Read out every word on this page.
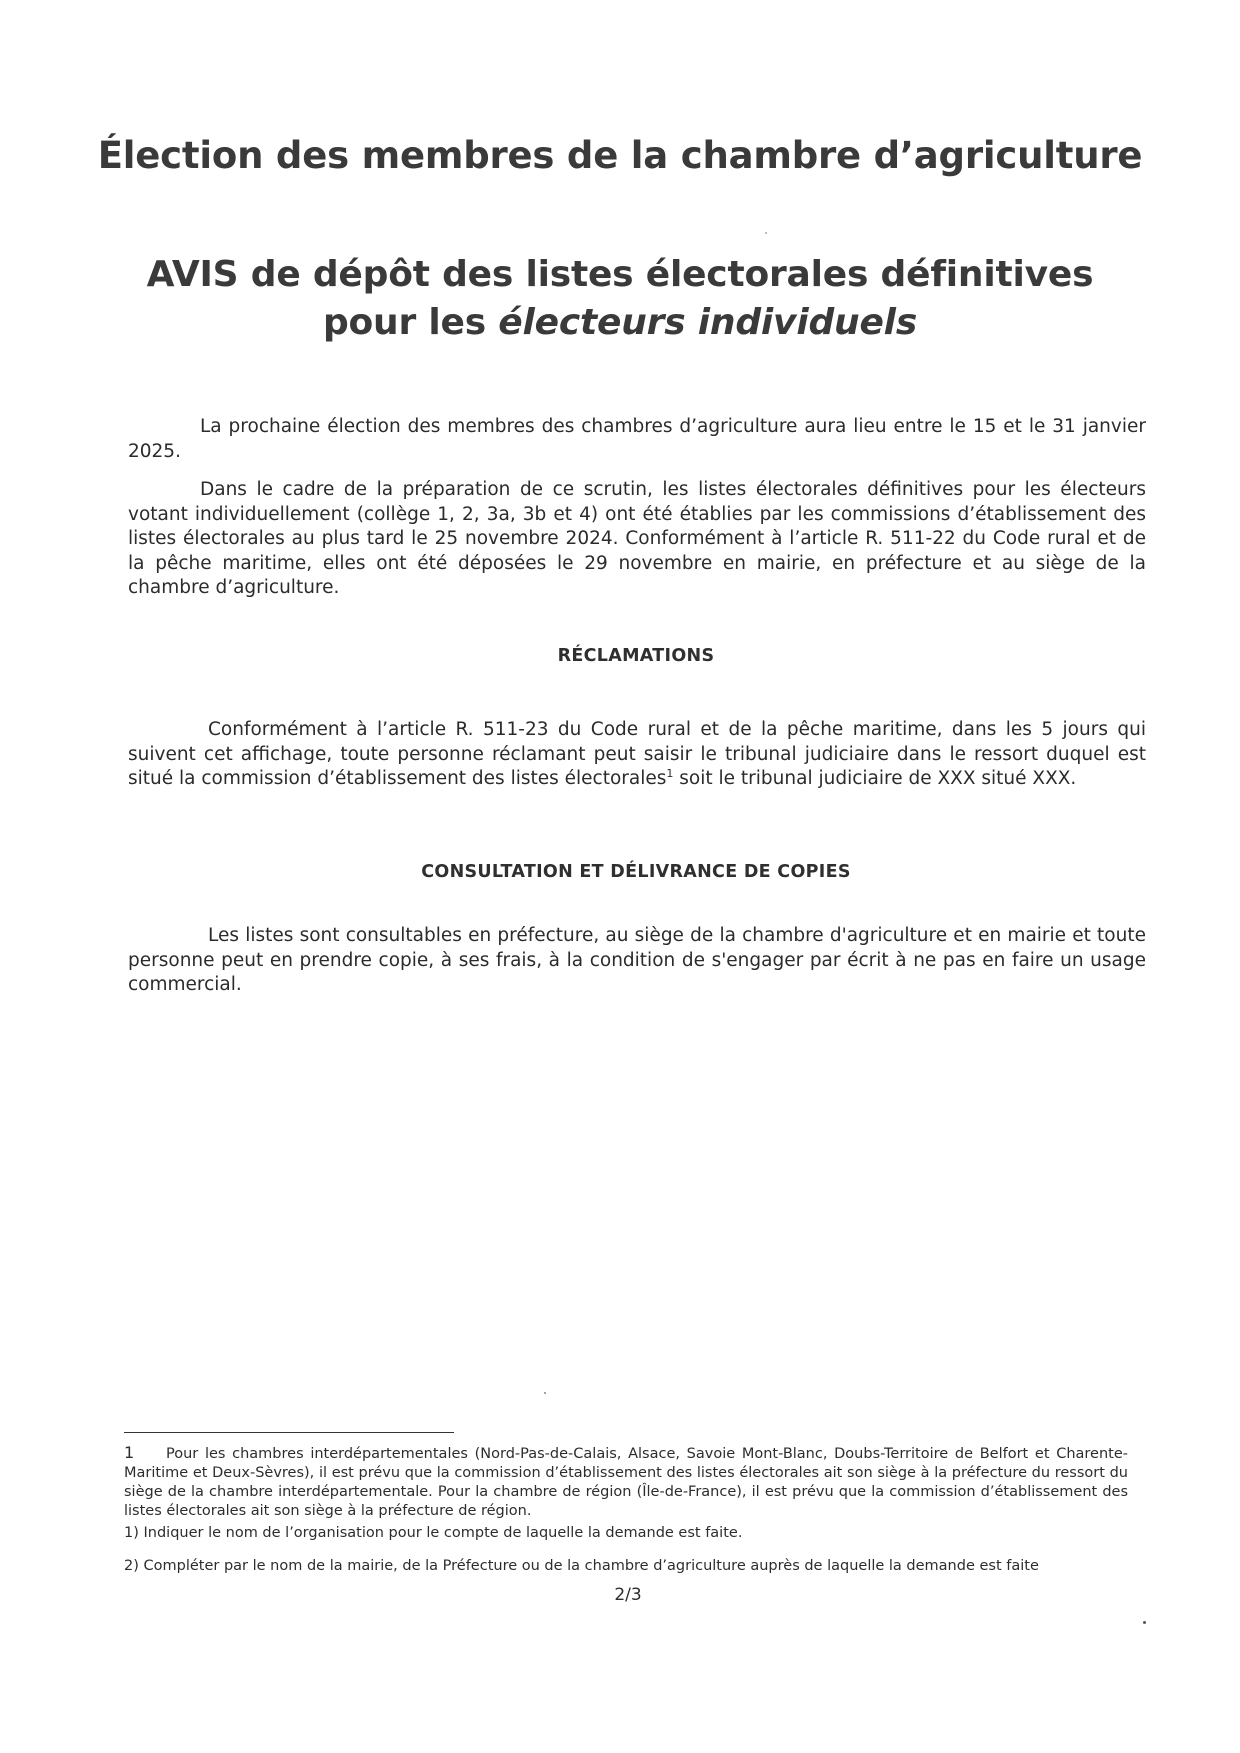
Élection des membres de la chambre d’agriculture
AVIS de dépôt des listes électorales définitives
pour les électeurs individuels

La prochaine élection des membres des chambres d’agriculture aura lieu entre le 15 et le 31 janvier 2025.

Dans le cadre de la préparation de ce scrutin, les listes électorales définitives pour les électeurs votant individuellement (collège 1, 2, 3a, 3b et 4) ont été établies par les commissions d’établissement des listes électorales au plus tard le 25 novembre 2024. Conformément à l’article R. 511-22 du Code rural et de la pêche maritime, elles ont été déposées le 29 novembre en mairie, en préfecture et au siège de la chambre d’agriculture.

RÉCLAMATIONS

Conformément à l’article R. 511-23 du Code rural et de la pêche maritime, dans les 5 jours qui suivent cet affichage, toute personne réclamant peut saisir le tribunal judiciaire dans le ressort duquel est situé la commission d’établissement des listes électorales$^1$ soit le tribunal judiciaire de XXX situé XXX.

CONSULTATION ET DÉLIVRANCE DE COPIES

Les listes sont consultables en préfecture, au siège de la chambre d'agriculture et en mairie et toute personne peut en prendre copie, à ses frais, à la condition de s'engager par écrit à ne pas en faire un usage commercial.

1 Pour les chambres interdépartementales (Nord-Pas-de-Calais, Alsace, Savoie Mont-Blanc, Doubs-Territoire de Belfort et Charente-Maritime et Deux-Sèvres), il est prévu que la commission d’établissement des listes électorales ait son siège à la préfecture du ressort du siège de la chambre interdépartementale. Pour la chambre de région (Île-de-France), il est prévu que la commission d’établissement des listes électorales ait son siège à la préfecture de région.

1) Indiquer le nom de l’organisation pour le compte de laquelle la demande est faite.

2) Compléter par le nom de la mairie, de la Préfecture ou de la chambre d’agriculture auprès de laquelle la demande est faite

2/3
